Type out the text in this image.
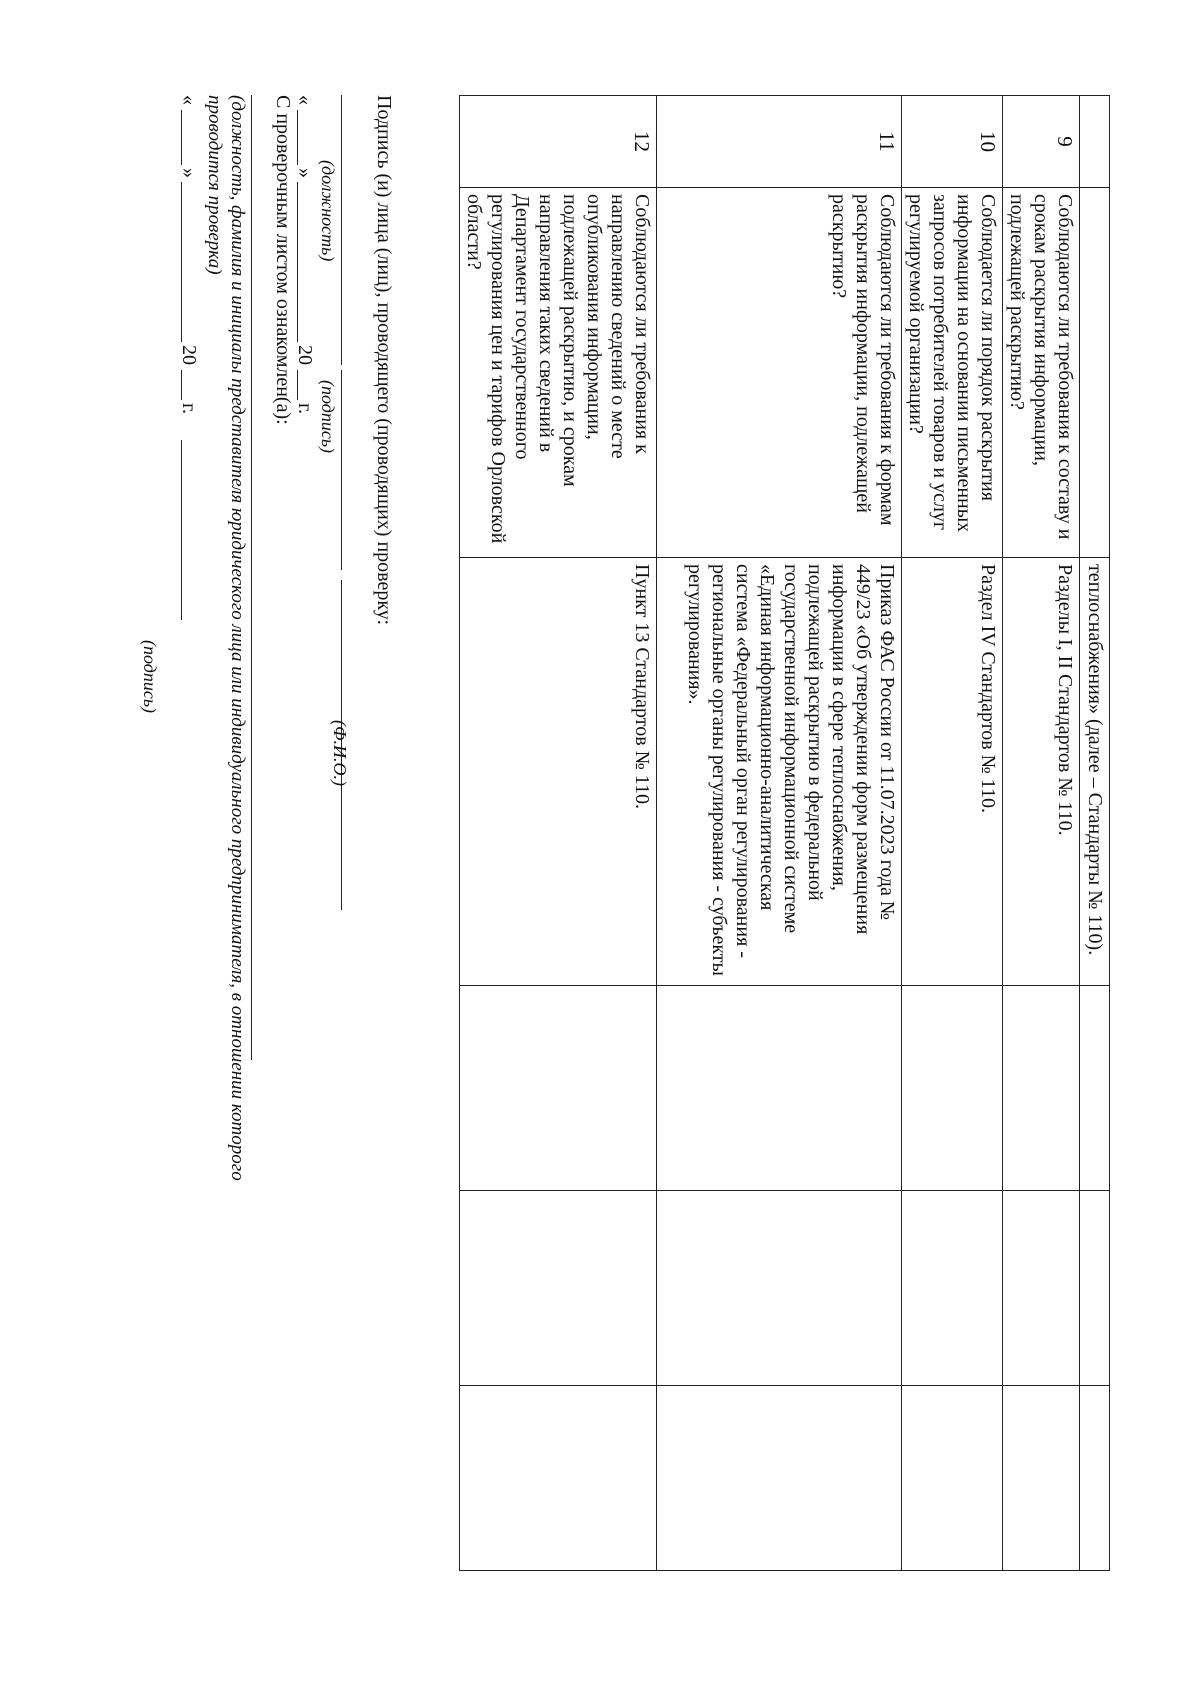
		теплоснабжения» (далее – Стандарты № 110).			
9	Соблюдаются ли требования к составу и срокам раскрытия информации, подлежащей раскрытию?	Разделы I, II Стандартов № 110.			
10	Соблюдается ли порядок раскрытия информации на основании письменных запросов потребителей товаров и услуг регулируемой организации?	Раздел IV Стандартов № 110.			
11	Соблюдаются ли требования к формам раскрытия информации, подлежащей раскрытию?	Приказ ФАС России от 11.07.2023 года № 449/23 «Об утверждении форм размещения информации в сфере теплоснабжения, подлежащей раскрытию в федеральной государственной информационной системе «Единая информационно-аналитическая система «Федеральный орган регулирования - региональные органы регулирования - субъекты регулирования».			
12	Соблюдаются ли требования к направлению сведений о месте опубликования информации, подлежащей раскрытию, и срокам направления таких сведений в Департамент государственного регулирования цен и тарифов Орловской области?	Пункт 13 Стандартов № 110.			
Подпись (и) лица (лиц), проводящего (проводящих) проверку:
(должность)
(подпись)
(Ф.И.О.)
«
»
20
г.
С проверочным листом ознакомлен(а):
(должность, фамилия и инициалы представителя юридического лица или индивидуального предпринимателя, в отношении которого
проводится проверка)
«
»
20
г.
(подпись)
